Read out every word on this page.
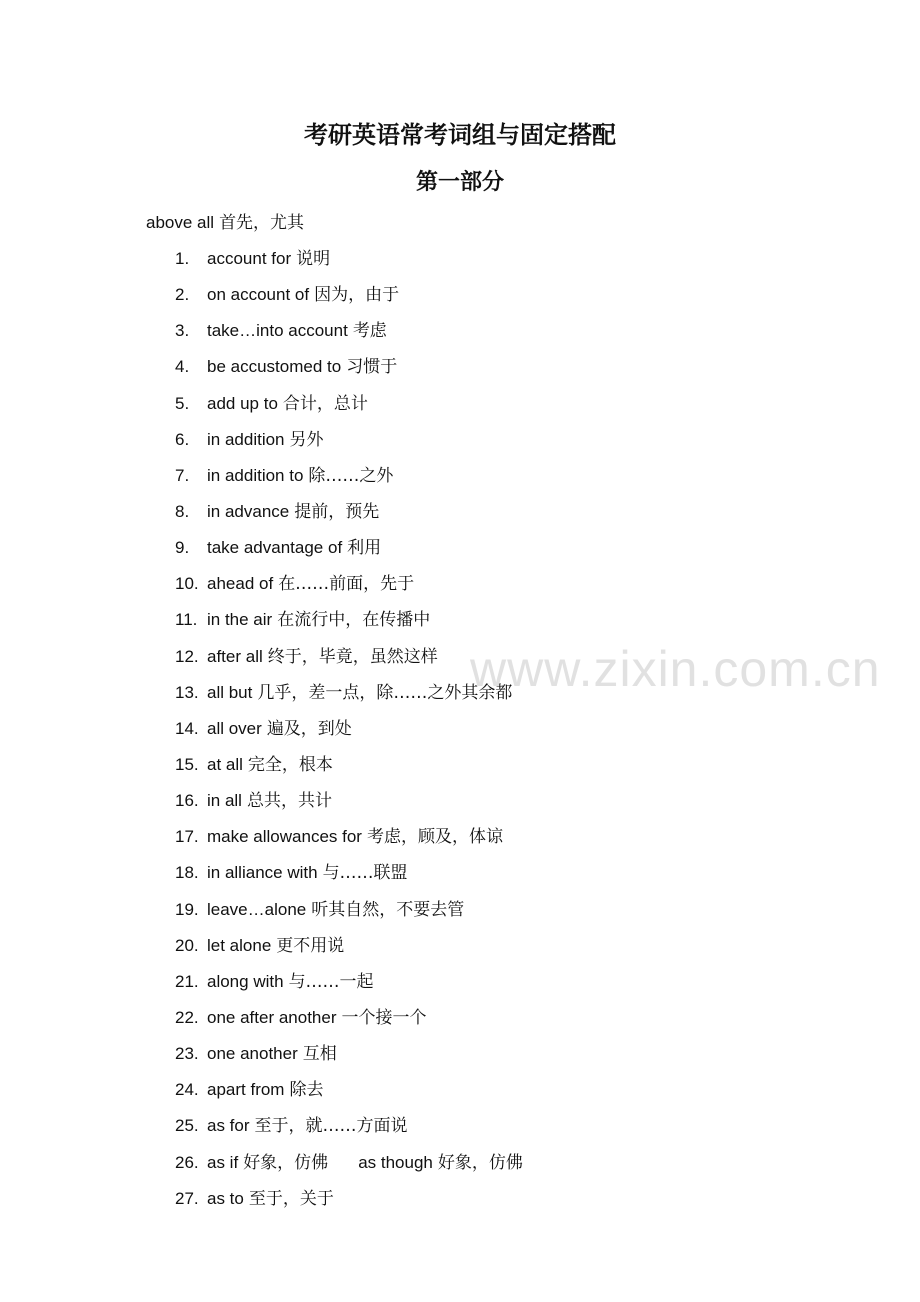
考研英语常考词组与固定搭配
第一部分
above all 首先，尤其
1. account for 说明
2. on account of 因为，由于
3. take…into account 考虑
4. be accustomed to 习惯于
5. add up to 合计，总计
6. in addition 另外
7. in addition to 除……之外
8. in advance 提前，预先
9. take advantage of 利用
10. ahead of 在……前面，先于
11. in the air 在流行中，在传播中
12. after all 终于，毕竟，虽然这样
13. all but 几乎，差一点，除……之外其余都
14. all over 遍及，到处
15. at all 完全，根本
16. in all 总共，共计
17. make allowances for 考虑，顾及，体谅
18. in alliance with 与……联盟
19. leave…alone 听其自然，不要去管
20. let alone 更不用说
21. along with 与……一起
22. one after another 一个接一个
23. one another 互相
24. apart from 除去
25. as for 至于，就……方面说
26. as if 好象，仿佛 as though 好象，仿佛
27. as to 至于，关于
www.zixin.com.cn
